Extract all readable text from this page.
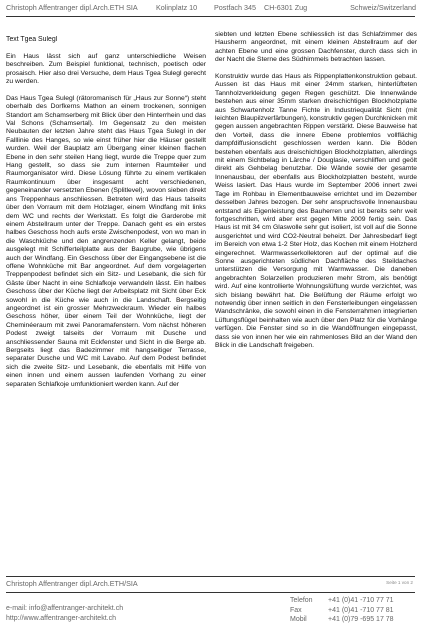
Christoph Affentranger dipl.Arch.ETH SIA	Kolinplatz 10	Postfach 345	CH-6301 Zug	Schweiz/Switzerland
Text Tgea Sulegl

Ein Haus lässt sich auf ganz unterschiedliche Weisen beschreiben. Zum Beispiel funktional, technisch, poetisch oder prosaisch. Hier also drei Versuche, dem Haus Tgea Sulegl gerecht zu werden.

Das Haus Tgea Sulegl (rätoromanisch für „Haus zur Sonne“) steht oberhalb des Dorfkerns Mathon an einem trockenen, sonnigen Standort am Schamserberg mit Blick über den Hinterrhein und das Val Schons (Schamsertal). Im Gegensatz zu den meisten Neubauten der letzten Jahre steht das Haus Tgea Sulegl in der Falllinie des Hanges, so wie einst früher hier die Häuser gestellt wurden. Weil der Bauplatz am Übergang einer kleinen flachen Ebene in den sehr steilen Hang liegt, wurde die Treppe quer zum Hang gestellt, so dass sie zum internen Raumteiler und Raumorganisator wird. Diese Lösung führte zu einem vertikalen Raumkontinuum über insgesamt acht verschiedenen, gegeneinander versetzten Ebenen (Splitlevel), wovon sieben direkt ans Treppenhaus anschliessen. Betreten wird das Haus talseits über den Vorraum mit dem Holzlager, einem Windfang mit links dem WC und rechts der Werkstatt. Es folgt die Garderobe mit einem Abstellraum unter der Treppe. Danach geht es ein erstes halbes Geschoss hoch aufs erste Zwischenpodest, von wo man in die Waschküche und den angrenzenden Keller gelangt, beide ausgelegt mit Schifferteilplatte aus der Baugrube, wie übrigens auch der Windfang. Ein Geschoss über der Eingangsebene ist die offene Wohnküche mit Bar angeordnet. Auf dem vorgelagerten Treppenpodest befindet sich ein Sitz- und Lesebank, die sich für Gäste über Nacht in eine Schlafkoje verwandeln lässt. Ein halbes Geschoss über der Küche liegt der Arbeitsplatz mit Sicht über Eck sowohl in die Küche wie auch in die Landschaft. Bergseitig angeordnet ist ein grosser Mehrzweckraum. Wieder ein halbes Geschoss höher, über einem Teil der Wohnküche, liegt der Cheminéeraum mit zwei Panoramafenstern. Vom nächst höheren Podest zweigt talseits der Vorraum mit Dusche und anschliessender Sauna mit Eckfenster und Sicht in die Berge ab. Bergseits liegt das Badezimmer mit hangseitiger Terrasse, separater Dusche und WC mit Lavabo. Auf dem Podest befindet sich die zweite Sitz- und Lesebank, die ebenfalls mit Hilfe von einen innen und einem aussen laufenden Vorhang zu einer separaten Schlafkoje umfunktioniert werden kann. Auf der

siebten und letzten Ebene schliesslich ist das Schlafzimmer des Hausherrn angeordnet, mit einem kleinen Abstellraum auf der achten Ebene und eine grossen Dachfenster, durch dass sich in der Nacht die Sterne des Südhimmels betrachten lassen.

Konstruktiv wurde das Haus als Rippenplattenkonstruktion gebaut. Aussen ist das Haus mit einer 24mm starken, hinterlüfteten Tannholzverkleidung gegen Regen geschützt. Die Innenwände bestehen aus einer 35mm starken dreischichtigen Blockholzplatte aus Schwartenholz Tanne Fichte in Industriequalität Sicht (mit leichten Blaupilzverfärbungen), konstruktiv gegen Durchknicken mit gegen aussen angebrachten Rippen verstärkt. Diese Bauweise hat den Vorteil, dass die innere Ebene problemlos vollflächig dampfdiffusionsdicht geschlossen werden kann. Die Böden bestehen ebenfalls aus dreischichtigen Blockholzplatten, allerdings mit einem Sichtbelag in Lärche / Douglasie, verschliffen und geölt direkt als Gehbelag benutzbar. Die Wände sowie der gesamte Innenausbau, der ebenfalls aus Blockholzplatten besteht, wurde Weiss lasiert. Das Haus wurde im September 2006 innert zwei Tage im Rohbau in Elementbauweise errichtet und im Dezember desselben Jahres bezogen. Der sehr anspruchsvolle Innenausbau entstand als Eigenleistung des Bauherren und ist bereits sehr weit fortgeschritten, wird aber erst gegen Mitte 2009 fertig sein. Das Haus ist mit 34 cm Glaswolle sehr gut isoliert, ist voll auf die Sonne ausgerichtet und wird CO2-Neutral beheizt. Der Jahresbedarf liegt im Bereich von etwa 1-2 Ster Holz, das Kochen mit einem Holzherd eingerechnet. Warmwasserkollektoren auf der optimal auf die Sonne ausgerichteten südlichen Dachfläche des Steildaches unterstützen die Versorgung mit Warmwasser. Die daneben angebrachten Solarzellen produzieren mehr Strom, als benötigt wird. Auf eine kontrollierte Wohnungslüftung wurde verzichtet, was sich bislang bewährt hat. Die Belüftung der Räume erfolgt wo notwendig über innen seitlich in den Fensterleibungen eingelassen Wandschränke, die sowohl einen in die Fensterrahmen integrierten Lüftungsflügel beinhalten wie auch über den Platz für die Vorhänge verfügen. Die Fenster sind so in die Wandöffnungen eingepasst, dass sie von innen her wie ein rahmenloses Bild an der Wand den Blick in die Landschaft freigeben.

Christoph Affentranger dipl.Arch.ETH/SIA	Seite 1 von 2
e-mail: info@affentranger-architekt.ch
http://www.affentranger-architekt.ch
Telefon	+41 (0)41 -710 77 71
Fax	+41 (0)41 -710 77 81
Mobil	+41 (0)79 -695 17 78
